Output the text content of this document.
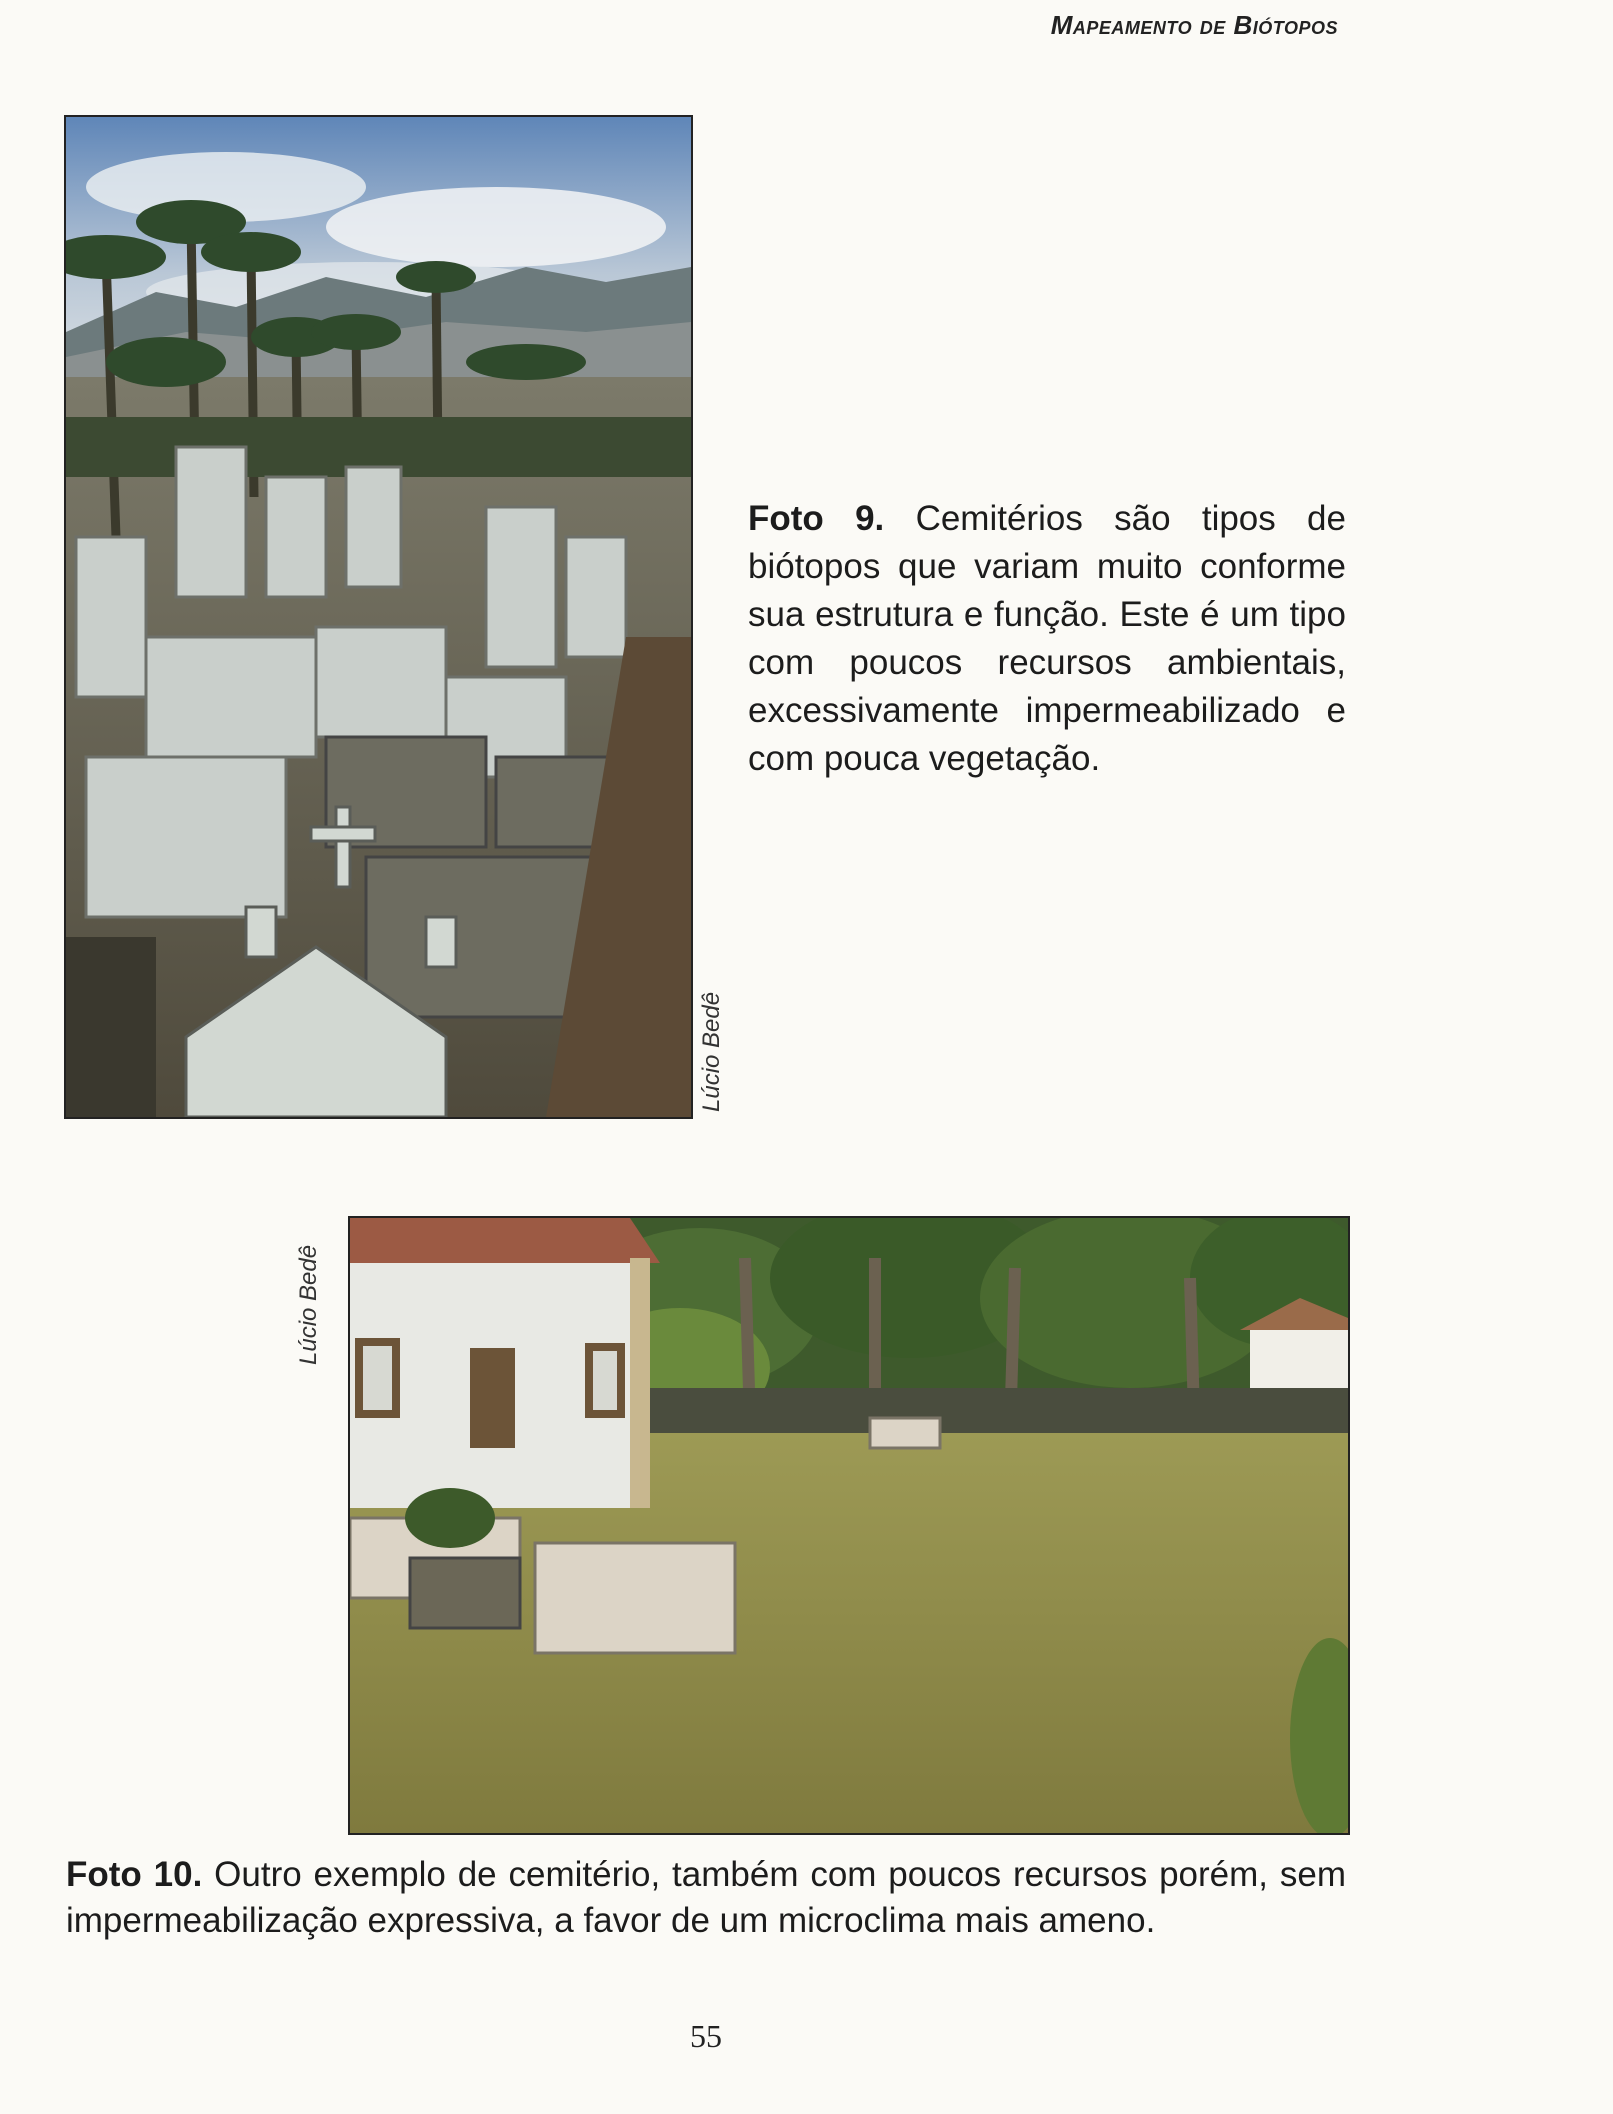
Mapeamento de Biótopos
Lúcio Bedê
Foto 9. Cemitérios são tipos de biótopos que variam muito conforme sua estrutura e função. Este é um tipo com poucos recursos ambientais, excessivamente impermeabilizado e com pouca vegetação.
Lúcio Bedê
Foto 10. Outro exemplo de cemitério, também com poucos recursos porém, sem impermeabilização expressiva, a favor de um microclima mais ameno.
55
